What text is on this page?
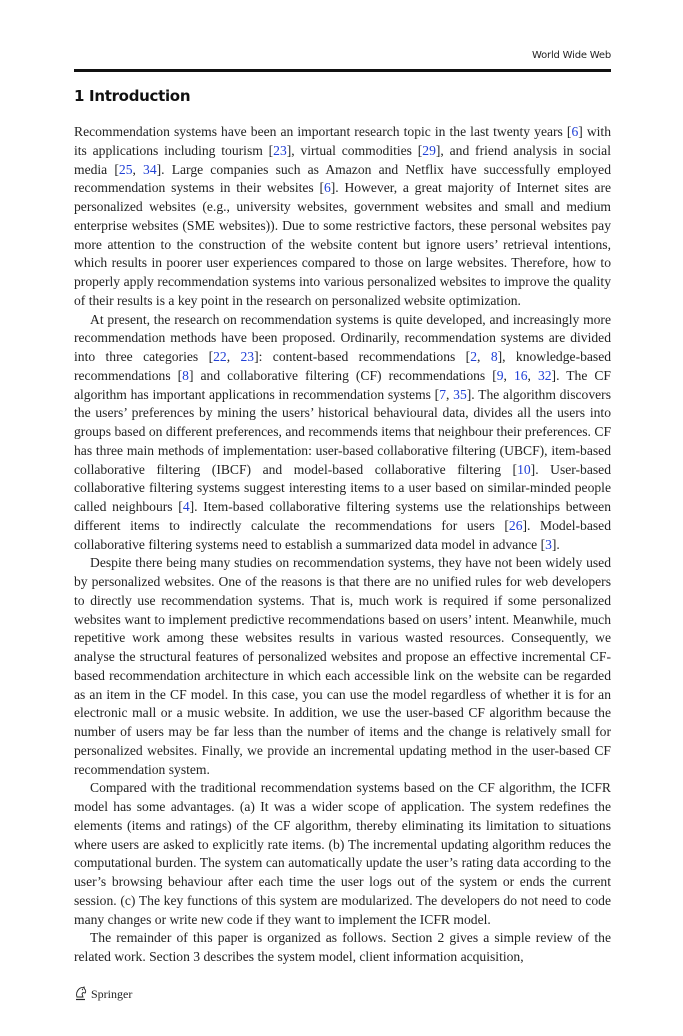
World Wide Web
1 Introduction

Recommendation systems have been an important research topic in the last twenty years [6] with its applications including tourism [23], virtual commodities [29], and friend analysis in social media [25, 34]. Large companies such as Amazon and Netflix have successfully employed recommendation systems in their websites [6]. However, a great majority of Internet sites are personalized websites (e.g., university websites, government websites and small and medium enterprise websites (SME websites)). Due to some restrictive factors, these personal websites pay more attention to the construction of the website content but ignore users’ retrieval intentions, which results in poorer user experiences compared to those on large websites. Therefore, how to properly apply recommendation systems into various personalized websites to improve the quality of their results is a key point in the research on personalized website optimization.

At present, the research on recommendation systems is quite developed, and increasingly more recommendation methods have been proposed. Ordinarily, recommendation systems are divided into three categories [22, 23]: content-based recommendations [2, 8], knowledge-based recommendations [8] and collaborative filtering (CF) recommendations [9, 16, 32]. The CF algorithm has important applications in recommendation systems [7, 35]. The algorithm discovers the users’ preferences by mining the users’ historical behavioural data, divides all the users into groups based on different preferences, and recommends items that neighbour their preferences. CF has three main methods of implementation: user-based collaborative filtering (UBCF), item-based collaborative filtering (IBCF) and model-based collaborative filtering [10]. User-based collaborative filtering systems suggest interesting items to a user based on similar-minded people called neighbours [4]. Item-based collaborative filtering systems use the relationships between different items to indirectly calculate the recommendations for users [26]. Model-based collaborative filtering systems need to establish a summarized data model in advance [3].

Despite there being many studies on recommendation systems, they have not been widely used by personalized websites. One of the reasons is that there are no unified rules for web developers to directly use recommendation systems. That is, much work is required if some personalized websites want to implement predictive recommendations based on users’ intent. Meanwhile, much repetitive work among these websites results in various wasted resources. Consequently, we analyse the structural features of personalized websites and propose an effective incremental CF-based recommendation architecture in which each accessible link on the website can be regarded as an item in the CF model. In this case, you can use the model regardless of whether it is for an electronic mall or a music website. In addition, we use the user-based CF algorithm because the number of users may be far less than the number of items and the change is relatively small for personalized websites. Finally, we provide an incremental updating method in the user-based CF recommendation system.

Compared with the traditional recommendation systems based on the CF algorithm, the ICFR model has some advantages. (a) It was a wider scope of application. The system redefines the elements (items and ratings) of the CF algorithm, thereby eliminating its limitation to situations where users are asked to explicitly rate items. (b) The incremental updating algorithm reduces the computational burden. The system can automatically update the user’s rating data according to the user’s browsing behaviour after each time the user logs out of the system or ends the current session. (c) The key functions of this system are modularized. The developers do not need to code many changes or write new code if they want to implement the ICFR model.

The remainder of this paper is organized as follows. Section 2 gives a simple review of the related work. Section 3 describes the system model, client information acquisition,

Springer
